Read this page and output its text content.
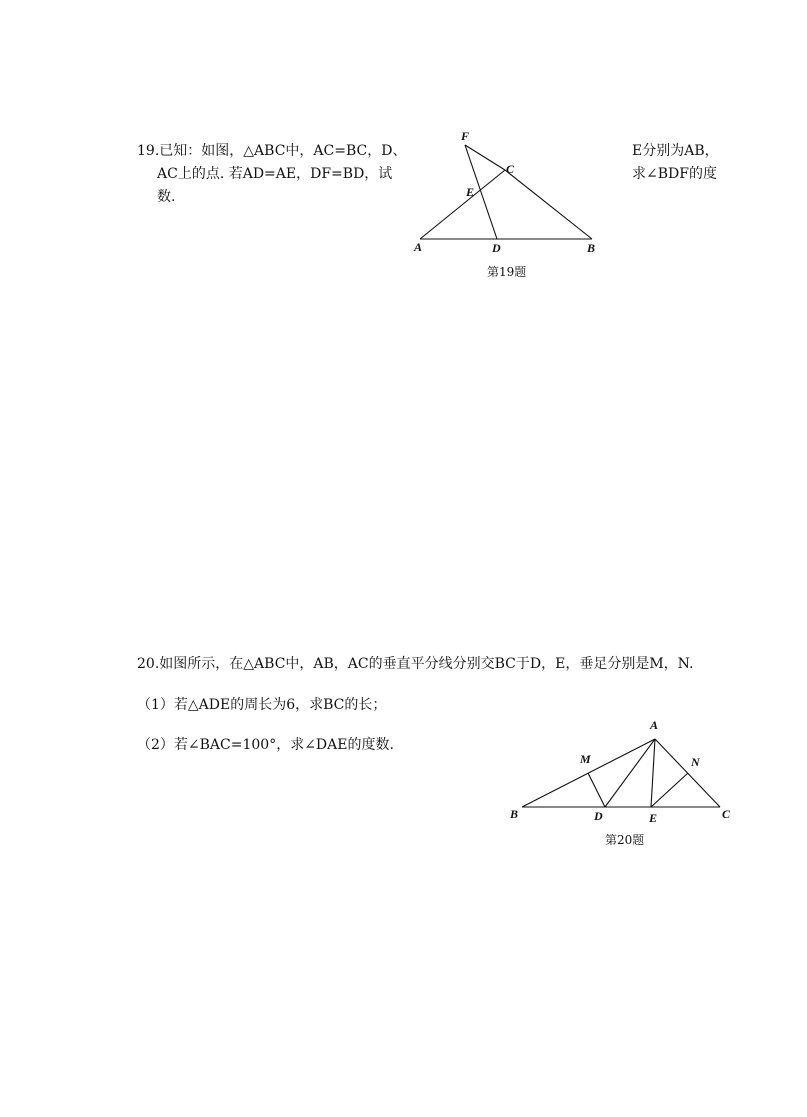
19.已知：如图，△ABC中，AC=BC，D、	E分别为AB，
AC上的点. 若AD=AE，DF=BD，试	求∠BDF的度
数.
F
C
E
A	D	B
第19题
20.如图所示，在△ABC中，AB，AC的垂直平分线分别交BC于D，E，垂足分别是M，N.
（1）若△ADE的周长为6，求BC的长；
（2）若∠BAC=100°，求∠DAE的度数.
A
M	N
B	D	E	C
第20题
